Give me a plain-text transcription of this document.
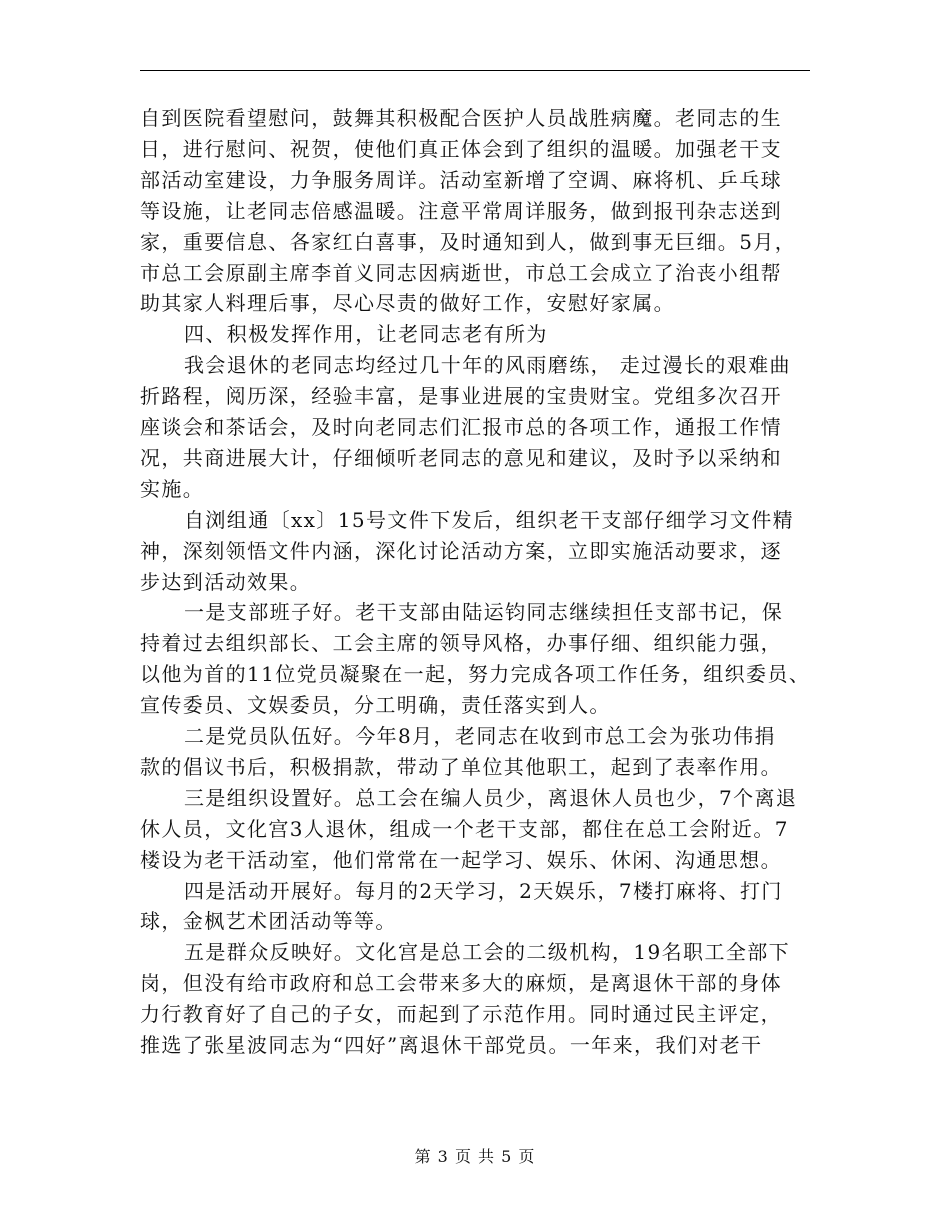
自到医院看望慰问，鼓舞其积极配合医护人员战胜病魔。老同志的生
日，进行慰问、祝贺，使他们真正体会到了组织的温暖。加强老干支
部活动室建设，力争服务周详。活动室新增了空调、麻将机、乒乓球
等设施，让老同志倍感温暖。注意平常周详服务，做到报刊杂志送到
家，重要信息、各家红白喜事，及时通知到人，做到事无巨细。5月，
市总工会原副主席李首义同志因病逝世，市总工会成立了治丧小组帮
助其家人料理后事，尽心尽责的做好工作，安慰好家属。
四、积极发挥作用，让老同志老有所为
我会退休的老同志均经过几十年的风雨磨练， 走过漫长的艰难曲
折路程，阅历深，经验丰富，是事业进展的宝贵财宝。党组多次召开
座谈会和茶话会，及时向老同志们汇报市总的各项工作，通报工作情
况，共商进展大计，仔细倾听老同志的意见和建议，及时予以采纳和
实施。
自浏组通〔xx〕15号文件下发后，组织老干支部仔细学习文件精
神，深刻领悟文件内涵，深化讨论活动方案，立即实施活动要求，逐
步达到活动效果。
一是支部班子好。老干支部由陆运钧同志继续担任支部书记，保
持着过去组织部长、工会主席的领导风格，办事仔细、组织能力强，
以他为首的11位党员凝聚在一起，努力完成各项工作任务，组织委员、
宣传委员、文娱委员，分工明确，责任落实到人。
二是党员队伍好。今年8月，老同志在收到市总工会为张功伟捐
款的倡议书后，积极捐款，带动了单位其他职工，起到了表率作用。
三是组织设置好。总工会在编人员少，离退休人员也少，7个离退
休人员，文化宫3人退休，组成一个老干支部，都住在总工会附近。7
楼设为老干活动室，他们常常在一起学习、娱乐、休闲、沟通思想。
四是活动开展好。每月的2天学习，2天娱乐，7楼打麻将、打门
球，金枫艺术团活动等等。
五是群众反映好。文化宫是总工会的二级机构，19名职工全部下
岗，但没有给市政府和总工会带来多大的麻烦，是离退休干部的身体
力行教育好了自己的子女，而起到了示范作用。同时通过民主评定，
推选了张星波同志为“四好”离退休干部党员。一年来，我们对老干
第 3 页 共 5 页
